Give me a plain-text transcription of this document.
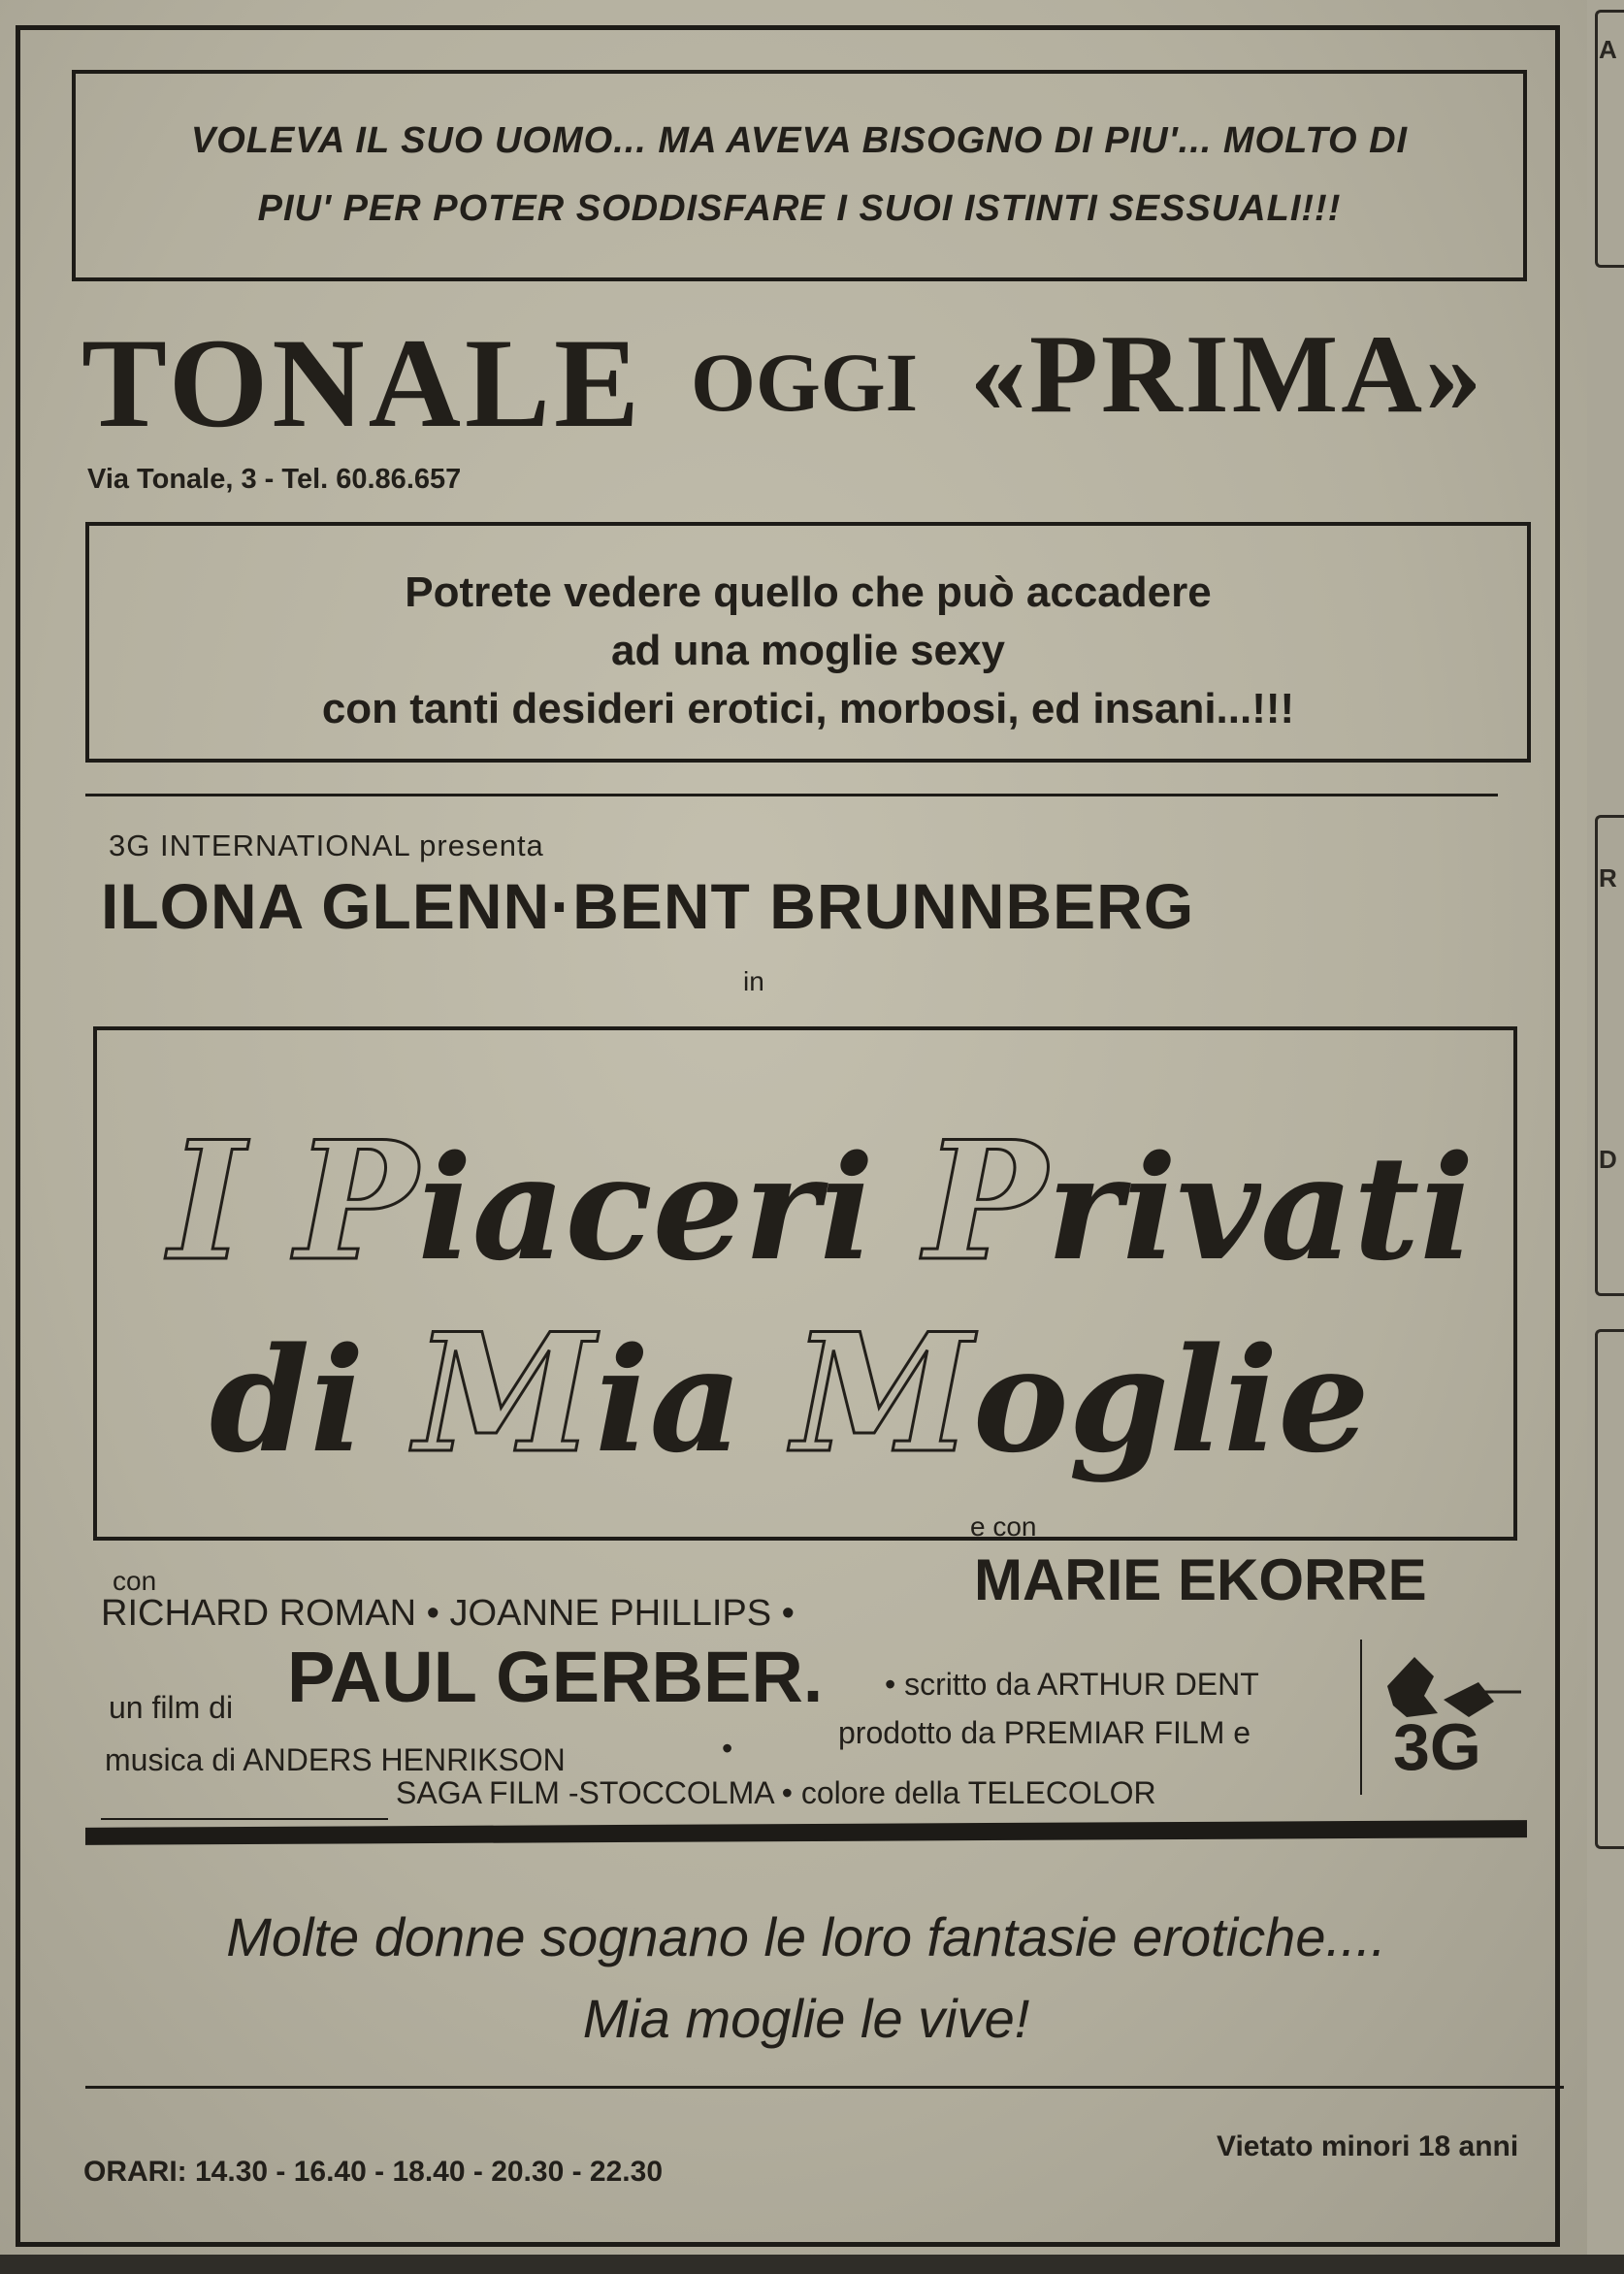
A
R
D
VOLEVA IL SUO UOMO... MA AVEVA BISOGNO DI PIU'... MOLTO DI
PIU' PER POTER SODDISFARE I SUOI ISTINTI SESSUALI!!!
TONALE OGGI «PRIMA»
Via Tonale, 3 - Tel. 60.86.657
Potrete vedere quello che può accadere
ad una moglie sexy
con tanti desideri erotici, morbosi, ed insani...!!!
3G INTERNATIONAL presenta
ILONA GLENN·BENT BRUNNBERG
in
I Piaceri Privati
di Mia Moglie
e con
con
RICHARD ROMAN • JOANNE PHILLIPS •
MARIE EKORRE
un film di PAUL GERBER. • scritto da ARTHUR DENT
musica di ANDERS HENRIKSON	•	prodotto da PREMIAR FILM e
SAGA FILM -STOCCOLMA • colore della TELECOLOR
3G
Molte donne sognano le loro fantasie erotiche....
Mia moglie le vive!
ORARI: 14.30 - 16.40 - 18.40 - 20.30 - 22.30
Vietato minori 18 anni
